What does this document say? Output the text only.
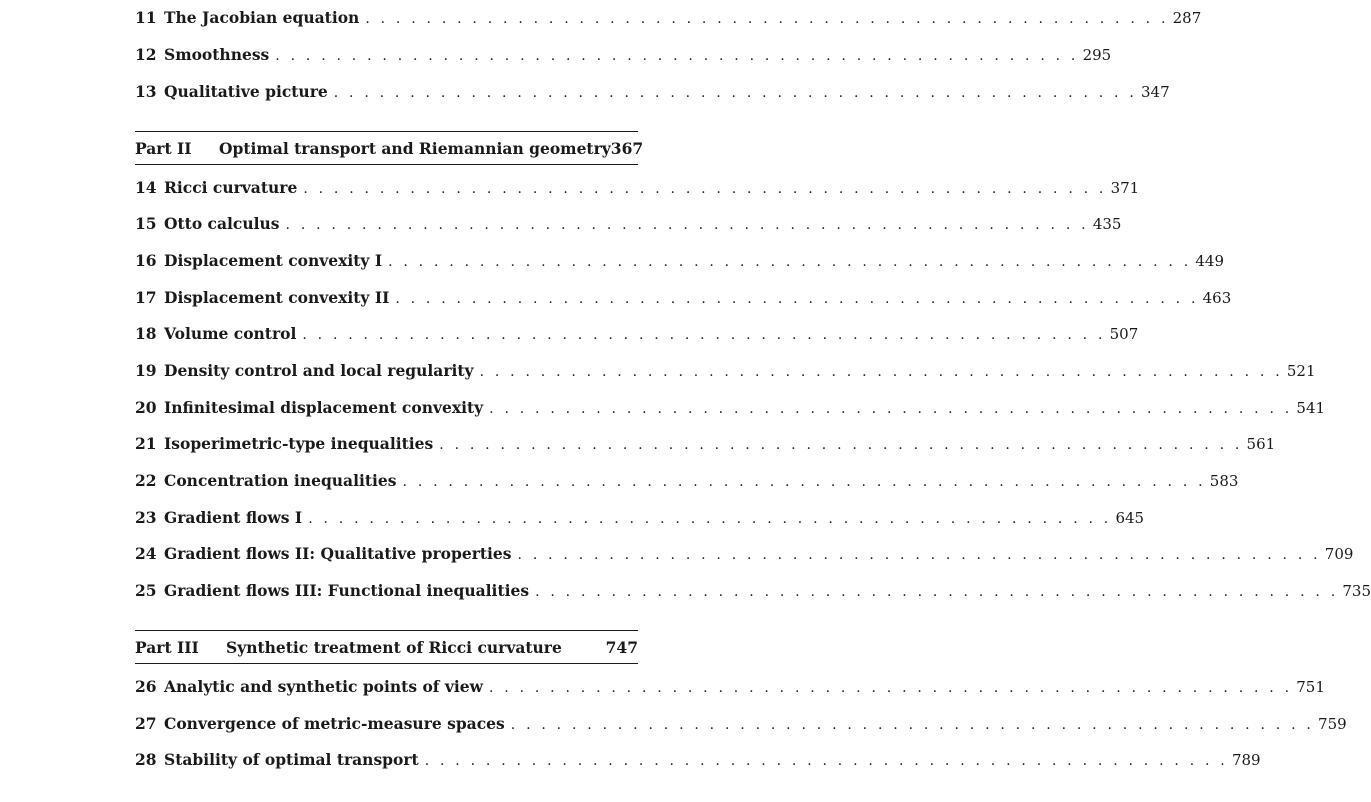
11 The Jacobian equation . . . . . . . . . . . . . . . . . . . . . . . . . . . . . . . . . . . . . . . . . . . . . . . . . . . . . 287
12 Smoothness . . . . . . . . . . . . . . . . . . . . . . . . . . . . . . . . . . . . . . . . . . . . . . . . . . . . . 295
13 Qualitative picture . . . . . . . . . . . . . . . . . . . . . . . . . . . . . . . . . . . . . . . . . . . . . . . . . . . . . 347
Part II	Optimal transport and Riemannian geometry 367
14 Ricci curvature . . . . . . . . . . . . . . . . . . . . . . . . . . . . . . . . . . . . . . . . . . . . . . . . . . . . . 371
15 Otto calculus . . . . . . . . . . . . . . . . . . . . . . . . . . . . . . . . . . . . . . . . . . . . . . . . . . . . . 435
16 Displacement convexity I . . . . . . . . . . . . . . . . . . . . . . . . . . . . . . . . . . . . . . . . . . . . . . . . . . . . . 449
17 Displacement convexity II . . . . . . . . . . . . . . . . . . . . . . . . . . . . . . . . . . . . . . . . . . . . . . . . . . . . . 463
18 Volume control . . . . . . . . . . . . . . . . . . . . . . . . . . . . . . . . . . . . . . . . . . . . . . . . . . . . . 507
19 Density control and local regularity . . . . . . . . . . . . . . . . . . . . . . . . . . . . . . . . . . . . . . . . . . . . . . . . . . . . . 521
20 Infinitesimal displacement convexity . . . . . . . . . . . . . . . . . . . . . . . . . . . . . . . . . . . . . . . . . . . . . . . . . . . . . 541
21 Isoperimetric-type inequalities . . . . . . . . . . . . . . . . . . . . . . . . . . . . . . . . . . . . . . . . . . . . . . . . . . . . . 561
22 Concentration inequalities . . . . . . . . . . . . . . . . . . . . . . . . . . . . . . . . . . . . . . . . . . . . . . . . . . . . . 583
23 Gradient flows I . . . . . . . . . . . . . . . . . . . . . . . . . . . . . . . . . . . . . . . . . . . . . . . . . . . . . 645
24 Gradient flows II: Qualitative properties . . . . . . . . . . . . . . . . . . . . . . . . . . . . . . . . . . . . . . . . . . . . . . . . . . . . . 709
25 Gradient flows III: Functional inequalities . . . . . . . . . . . . . . . . . . . . . . . . . . . . . . . . . . . . . . . . . . . . . . . . . . . . . 735
Part III	Synthetic treatment of Ricci curvature	747
26 Analytic and synthetic points of view . . . . . . . . . . . . . . . . . . . . . . . . . . . . . . . . . . . . . . . . . . . . . . . . . . . . . 751
27 Convergence of metric-measure spaces . . . . . . . . . . . . . . . . . . . . . . . . . . . . . . . . . . . . . . . . . . . . . . . . . . . . . 759
28 Stability of optimal transport . . . . . . . . . . . . . . . . . . . . . . . . . . . . . . . . . . . . . . . . . . . . . . . . . . . . . 789
